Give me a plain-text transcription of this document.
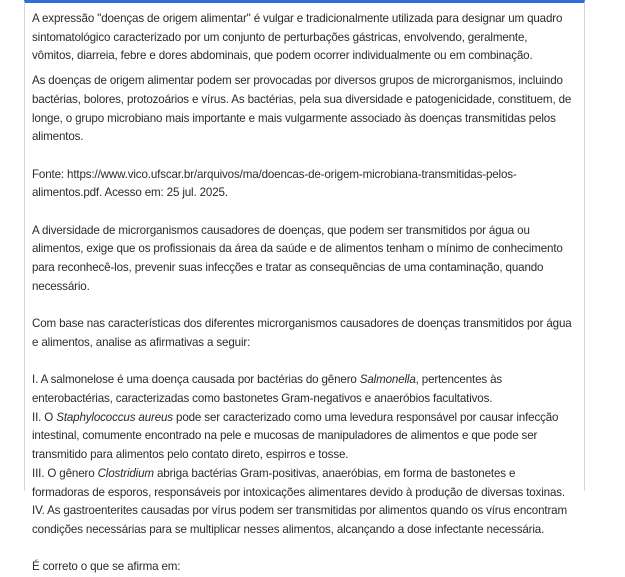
A expressão "doenças de origem alimentar" é vulgar e tradicionalmente utilizada para designar um quadro sintomatológico caracterizado por um conjunto de perturbações gástricas, envolvendo, geralmente, vômitos, diarreia, febre e dores abdominais, que podem ocorrer individualmente ou em combinação.

As doenças de origem alimentar podem ser provocadas por diversos grupos de microrganismos, incluindo bactérias, bolores, protozoários e vírus. As bactérias, pela sua diversidade e patogenicidade, constituem, de longe, o grupo microbiano mais importante e mais vulgarmente associado às doenças transmitidas pelos alimentos.

Fonte: https://www.vico.ufscar.br/arquivos/ma/doencas-de-origem-microbiana-transmitidas-pelos-alimentos.pdf. Acesso em: 25 jul. 2025.

A diversidade de microrganismos causadores de doenças, que podem ser transmitidos por água ou alimentos, exige que os profissionais da área da saúde e de alimentos tenham o mínimo de conhecimento para reconhecê-los, prevenir suas infecções e tratar as consequências de uma contaminação, quando necessário.

Com base nas características dos diferentes microrganismos causadores de doenças transmitidos por água e alimentos, analise as afirmativas a seguir:

I. A salmonelose é uma doença causada por bactérias do gênero Salmonella, pertencentes às enterobactérias, caracterizadas como bastonetes Gram-negativos e anaeróbios facultativos.

II. O Staphylococcus aureus pode ser caracterizado como uma levedura responsável por causar infecção intestinal, comumente encontrado na pele e mucosas de manipuladores de alimentos e que pode ser transmitido para alimentos pelo contato direto, espirros e tosse.

III. O gênero Clostridium abriga bactérias Gram-positivas, anaeróbias, em forma de bastonetes e formadoras de esporos, responsáveis por intoxicações alimentares devido à produção de diversas toxinas.

IV. As gastroenterites causadas por vírus podem ser transmitidas por alimentos quando os vírus encontram condições necessárias para se multiplicar nesses alimentos, alcançando a dose infectante necessária.

É correto o que se afirma em:
